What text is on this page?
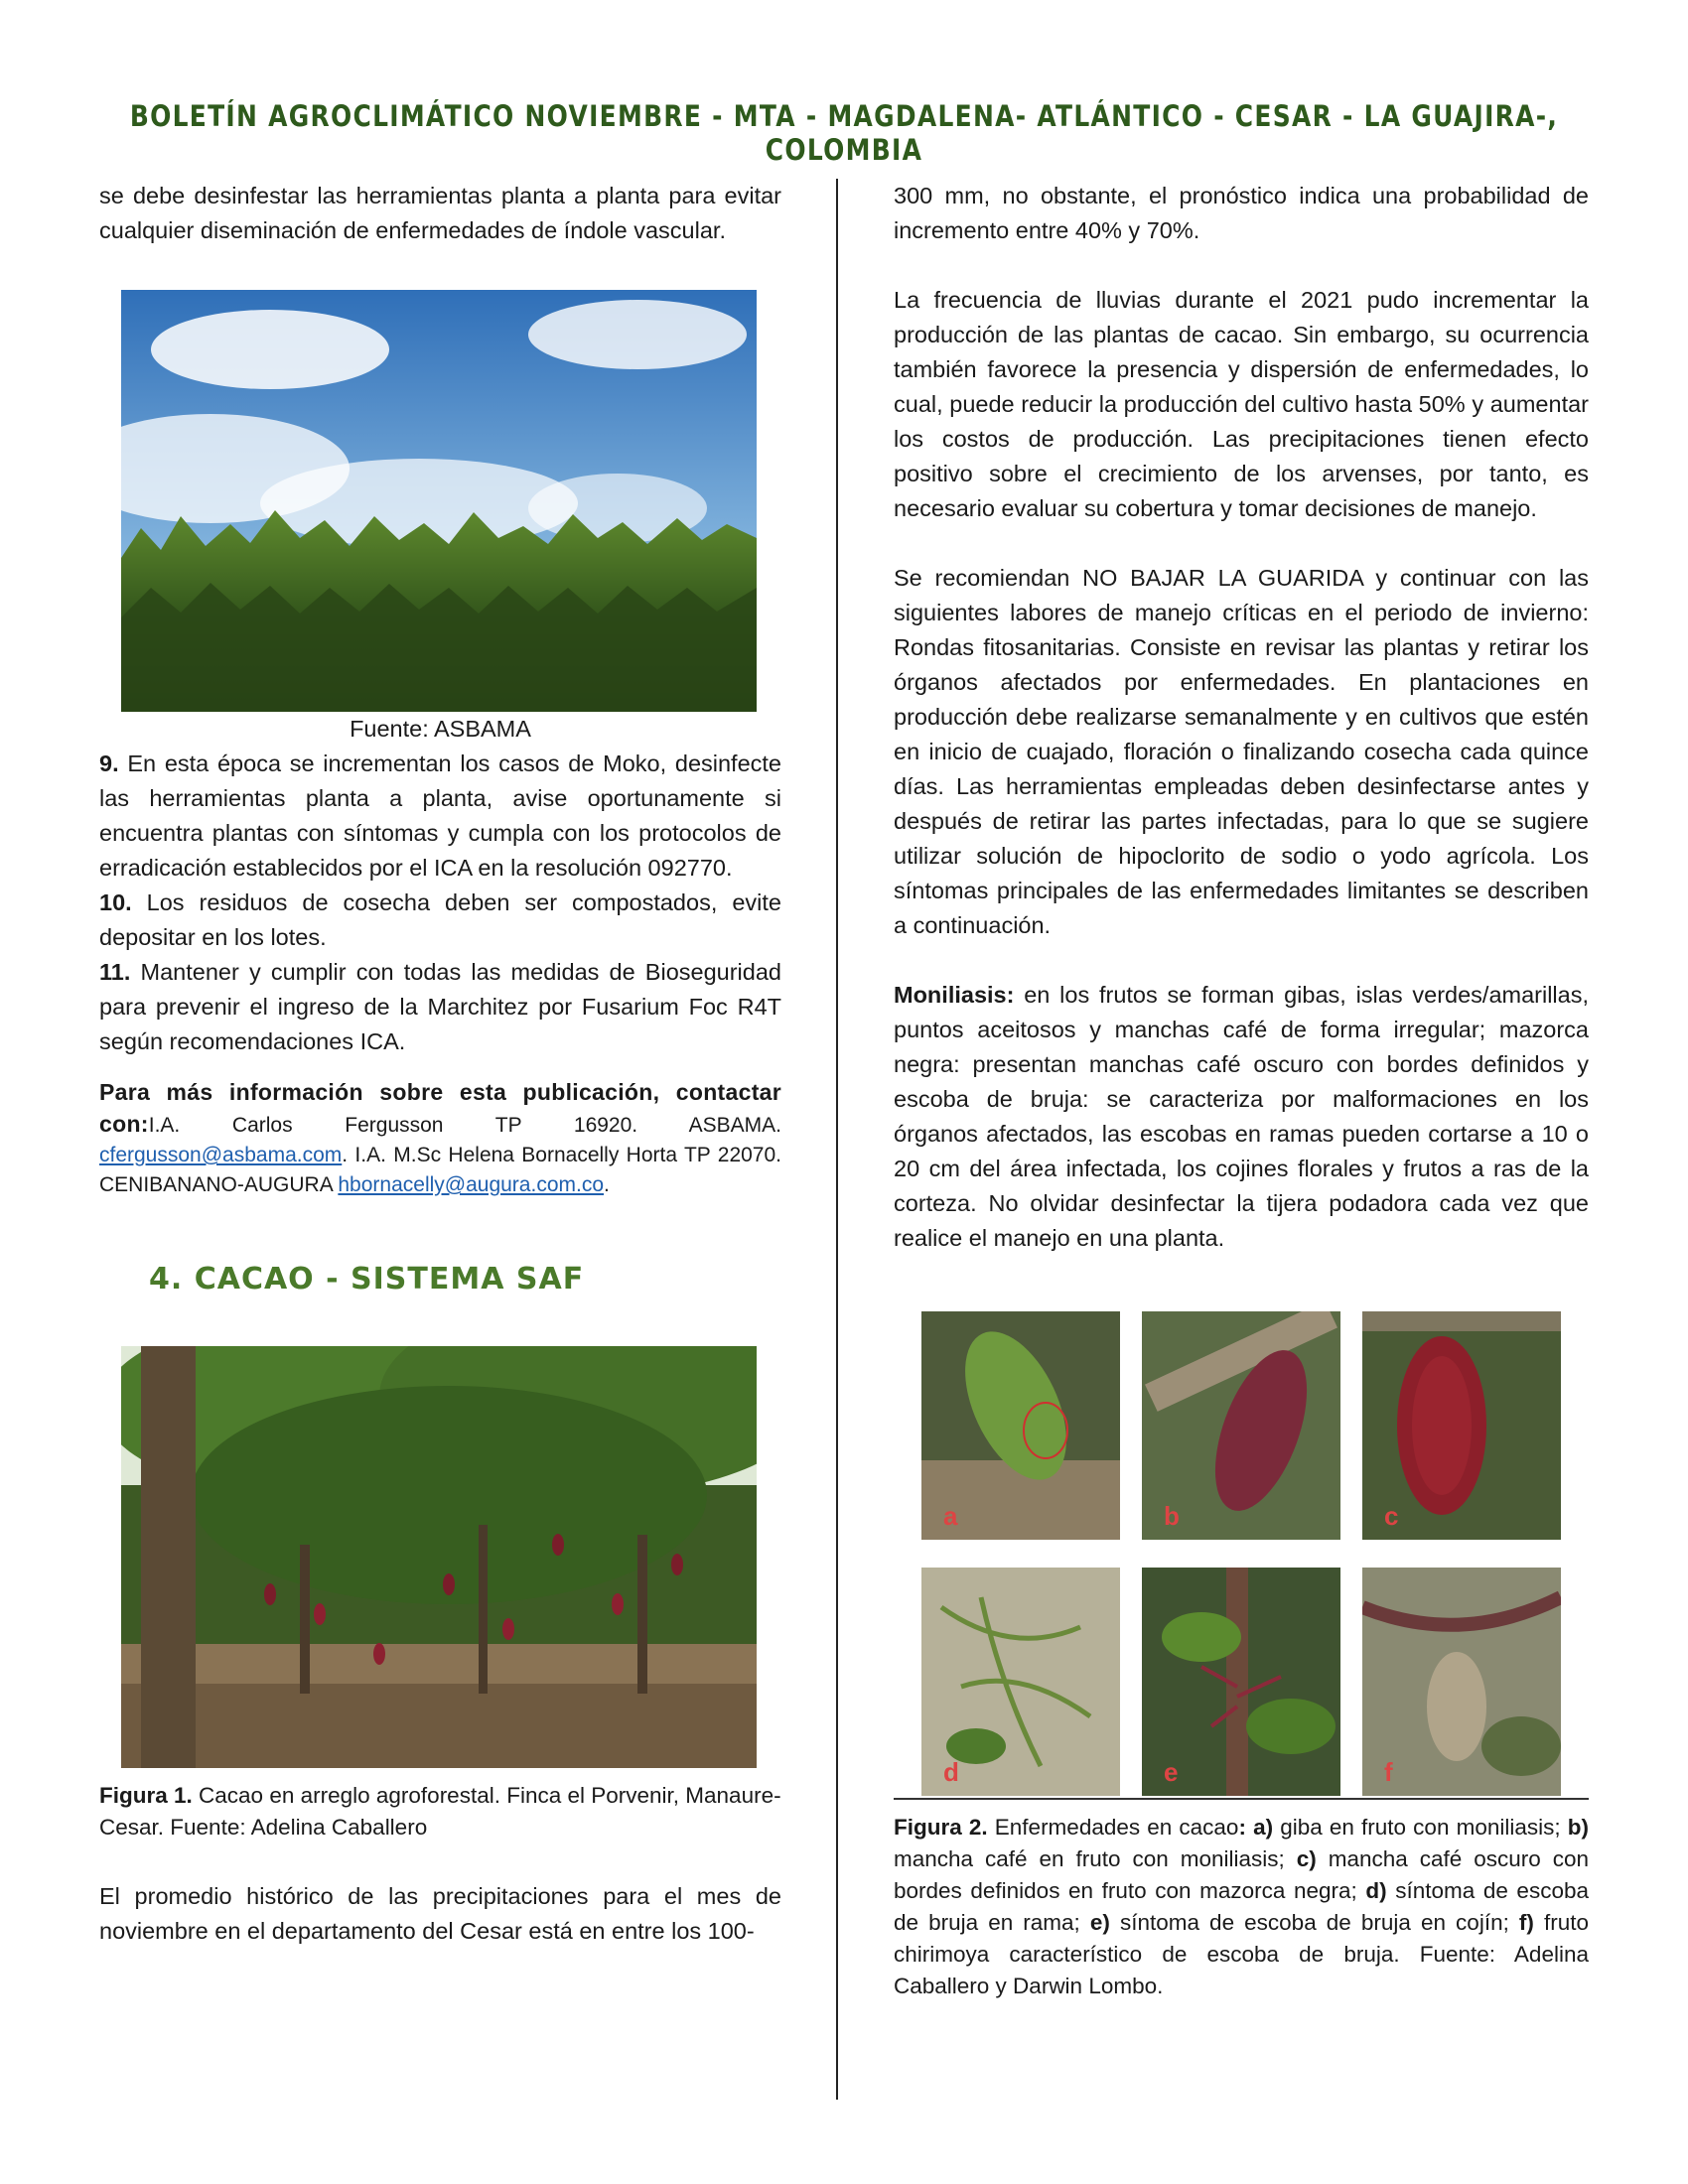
BOLETÍN AGROCLIMÁTICO NOVIEMBRE - MTA - MAGDALENA- ATLÁNTICO - CESAR - LA GUAJIRA-, COLOMBIA

se debe desinfestar las herramientas planta a planta para evitar cualquier diseminación de enfermedades de índole vascular.

Fuente: ASBAMA

9. En esta época se incrementan los casos de Moko, desinfecte las herramientas planta a planta, avise oportunamente si encuentra plantas con síntomas y cumpla con los protocolos de erradicación establecidos por el ICA en la resolución 092770.

10. Los residuos de cosecha deben ser compostados, evite depositar en los lotes.

11. Mantener y cumplir con todas las medidas de Bioseguridad para prevenir el ingreso de la Marchitez por Fusarium Foc R4T según recomendaciones ICA.

Para más información sobre esta publicación, contactar con:I.A. Carlos Fergusson TP 16920. ASBAMA. cfergusson@asbama.com. I.A. M.Sc Helena Bornacelly Horta TP 22070. CENIBANANO-AUGURA hbornacelly@augura.com.co.

4. CACAO - SISTEMA SAF

Figura 1. Cacao en arreglo agroforestal. Finca el Porvenir, Manaure-Cesar. Fuente: Adelina Caballero

El promedio histórico de las precipitaciones para el mes de noviembre en el departamento del Cesar está en entre los 100-

300 mm, no obstante, el pronóstico indica una probabilidad de incremento entre 40% y 70%.

La frecuencia de lluvias durante el 2021 pudo incrementar la producción de las plantas de cacao. Sin embargo, su ocurrencia también favorece la presencia y dispersión de enfermedades, lo cual, puede reducir la producción del cultivo hasta 50% y aumentar los costos de producción. Las precipitaciones tienen efecto positivo sobre el crecimiento de los arvenses, por tanto, es necesario evaluar su cobertura y tomar decisiones de manejo.

Se recomiendan NO BAJAR LA GUARIDA y continuar con las siguientes labores de manejo críticas en el periodo de invierno: Rondas fitosanitarias. Consiste en revisar las plantas y retirar los órganos afectados por enfermedades. En plantaciones en producción debe realizarse semanalmente y en cultivos que estén en inicio de cuajado, floración o finalizando cosecha cada quince días. Las herramientas empleadas deben desinfectarse antes y después de retirar las partes infectadas, para lo que se sugiere utilizar solución de hipoclorito de sodio o yodo agrícola. Los síntomas principales de las enfermedades limitantes se describen a continuación.

Moniliasis: en los frutos se forman gibas, islas verdes/amarillas, puntos aceitosos y manchas café de forma irregular; mazorca negra: presentan manchas café oscuro con bordes definidos y escoba de bruja: se caracteriza por malformaciones en los órganos afectados, las escobas en ramas pueden cortarse a 10 o 20 cm del área infectada, los cojines florales y frutos a ras de la corteza. No olvidar desinfectar la tijera podadora cada vez que realice el manejo en una planta.

a	b	c
d	e	f

Figura 2. Enfermedades en cacao: a) giba en fruto con moniliasis; b) mancha café en fruto con moniliasis; c) mancha café oscuro con bordes definidos en fruto con mazorca negra; d) síntoma de escoba de bruja en rama; e) síntoma de escoba de bruja en cojín; f) fruto chirimoya característico de escoba de bruja. Fuente: Adelina Caballero y Darwin Lombo.
